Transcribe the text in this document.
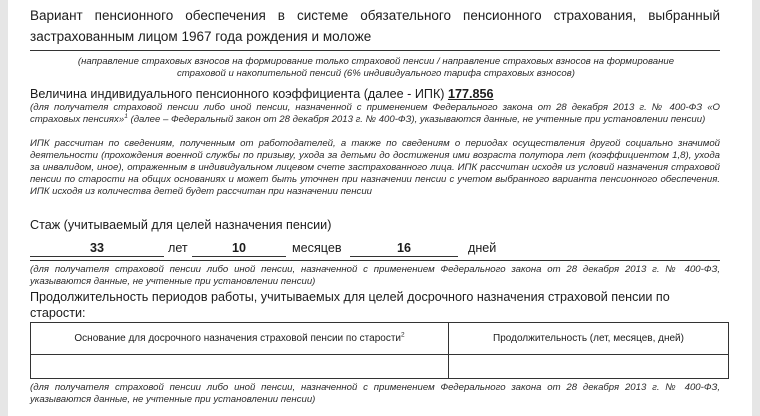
Вариант пенсионного обеспечения в системе обязательного пенсионного страхования, выбранный застрахованным лицом 1967 года рождения и моложе
(направление страховых взносов на формирование только страховой пенсии / направление страховых взносов на формирование страховой и накопительной пенсий (6% индивидуального тарифа страховых взносов)
Величина индивидуального пенсионного коэффициента (далее - ИПК) 177.856
(для получателя страховой пенсии либо иной пенсии, назначенной с применением Федерального закона от 28 декабря 2013 г. № 400-ФЗ «О страховых пенсиях»$^1$ (далее – Федеральный закон от 28 декабря 2013 г. № 400-ФЗ), указываются данные, не учтенные при установлении пенсии)
ИПК рассчитан по сведениям, полученным от работодателей, а также по сведениям о периодах осуществления другой социально значимой деятельности (прохождения военной службы по призыву, ухода за детьми до достижения ими возраста полутора лет (коэффициентом 1,8), ухода за инвалидом, иное), отраженным в индивидуальном лицевом счете застрахованного лица. ИПК рассчитан исходя из условий назначения страховой пенсии по старости на общих основаниях и может быть уточнен при назначении пенсии с учетом выбранного варианта пенсионного обеспечения. ИПК исходя из количества детей будет рассчитан при назначении пенсии
Стаж (учитываемый для целей назначения пенсии)
33	лет	10	месяцев	16	дней
(для получателя страховой пенсии либо иной пенсии, назначенной с применением Федерального закона от 28 декабря 2013 г. № 400-ФЗ, указываются данные, не учтенные при установлении пенсии)
Продолжительность периодов работы, учитываемых для целей досрочного назначения страховой пенсии по старости:
Основание для досрочного назначения страховой пенсии по старости$^2$	Продолжительность (лет, месяцев, дней)

(для получателя страховой пенсии либо иной пенсии, назначенной с применением Федерального закона от 28 декабря 2013 г. № 400-ФЗ, указываются данные, не учтенные при установлении пенсии)
